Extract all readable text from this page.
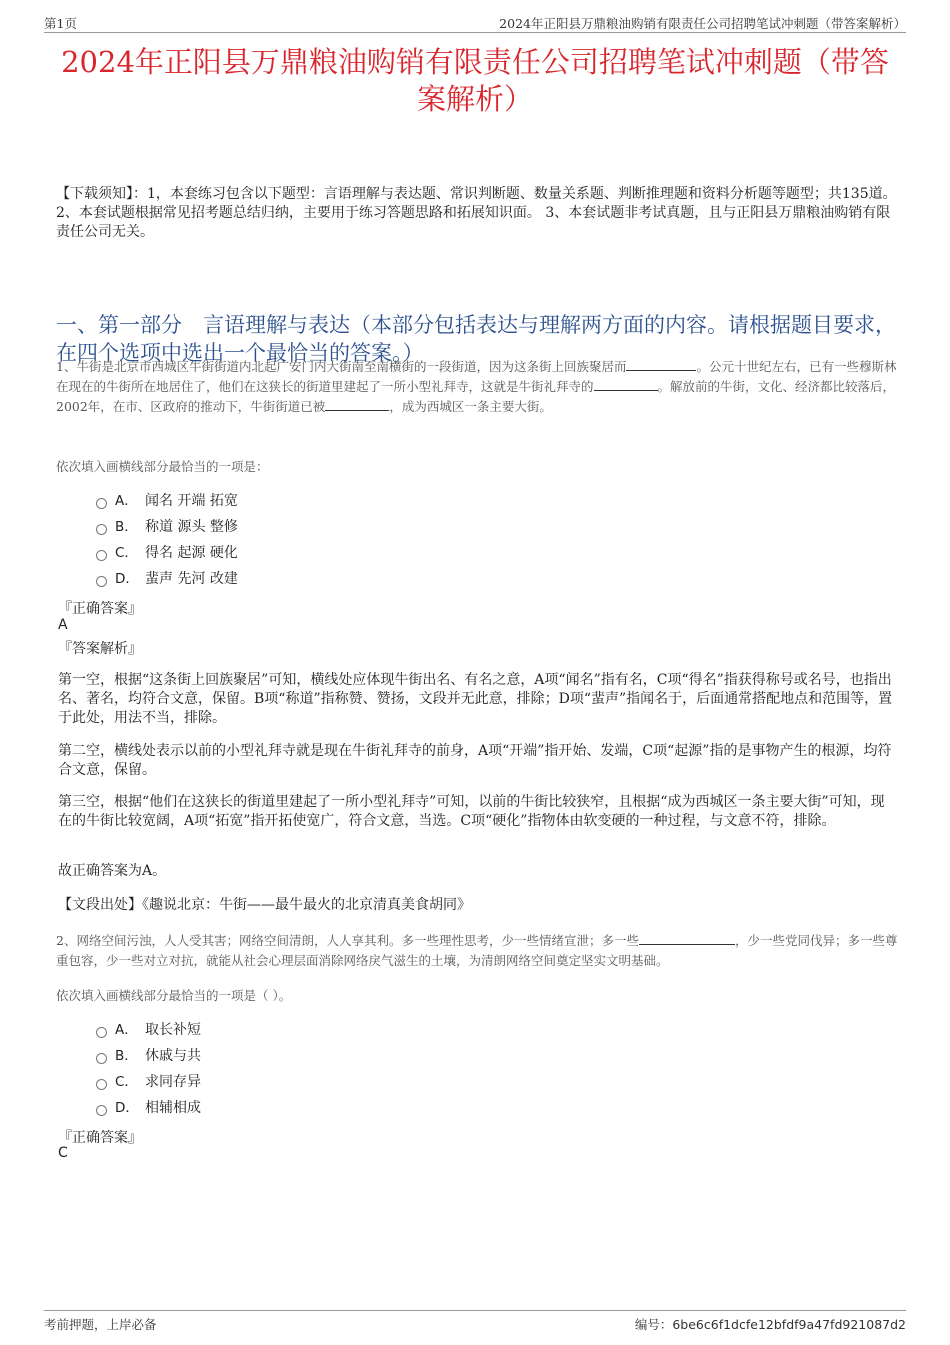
第1页	2024年正阳县万鼎粮油购销有限责任公司招聘笔试冲刺题（带答案解析）
2024年正阳县万鼎粮油购销有限责任公司招聘笔试冲刺题（带答案解析）
【下载须知】：1，本套练习包含以下题型：言语理解与表达题、常识判断题、数量关系题、判断推理题和资料分析题等题型；共135道。 2、本套试题根据常见招考题总结归纳，主要用于练习答题思路和拓展知识面。 3、本套试题非考试真题，且与正阳县万鼎粮油购销有限责任公司无关。
一、第一部分　言语理解与表达（本部分包括表达与理解两方面的内容。请根据题目要求，在四个选项中选出一个最恰当的答案。）
1、牛街是北京市西城区牛街街道内北起广安门内大街南至南横街的一段街道，因为这条街上回族聚居而	。公元十世纪左右，已有一些穆斯林在现在的牛街所在地居住了，他们在这狭长的街道里建起了一所小型礼拜寺，这就是牛街礼拜寺的	。解放前的牛街，文化、经济都比较落后，2002年，在市、区政府的推动下，牛街街道已被	，成为西城区一条主要大街。
依次填入画横线部分最恰当的一项是：
A． 闻名 开端 拓宽
B． 称道 源头 整修
C． 得名 起源 硬化
D． 蜚声 先河 改建
『正确答案』
A
『答案解析』
第一空，根据“这条街上回族聚居”可知，横线处应体现牛街出名、有名之意，A项“闻名”指有名，C项“得名”指获得称号或名号，也指出名、著名，均符合文意，保留。B项“称道”指称赞、赞扬，文段并无此意，排除；D项“蜚声”指闻名于，后面通常搭配地点和范围等，置于此处，用法不当，排除。
第二空，横线处表示以前的小型礼拜寺就是现在牛街礼拜寺的前身，A项“开端”指开始、发端，C项“起源”指的是事物产生的根源，均符合文意，保留。
第三空，根据“他们在这狭长的街道里建起了一所小型礼拜寺”可知，以前的牛街比较狭窄，且根据“成为西城区一条主要大街”可知，现在的牛街比较宽阔，A项“拓宽”指开拓使宽广，符合文意，当选。C项“硬化”指物体由软变硬的一种过程，与文意不符，排除。
故正确答案为A。
【文段出处】《趣说北京：牛街——最牛最火的北京清真美食胡同》
2、网络空间污浊，人人受其害；网络空间清朗，人人享其利。多一些理性思考，少一些情绪宣泄；多一些	，少一些党同伐异；多一些尊重包容，少一些对立对抗，就能从社会心理层面消除网络戾气滋生的土壤，为清朗网络空间奠定坚实文明基础。
依次填入画横线部分最恰当的一项是（ ）。
A． 取长补短
B． 休戚与共
C． 求同存异
D． 相辅相成
『正确答案』
C
考前押题，上岸必备	编号：6be6c6f1dcfe12bfdf9a47fd921087d2
